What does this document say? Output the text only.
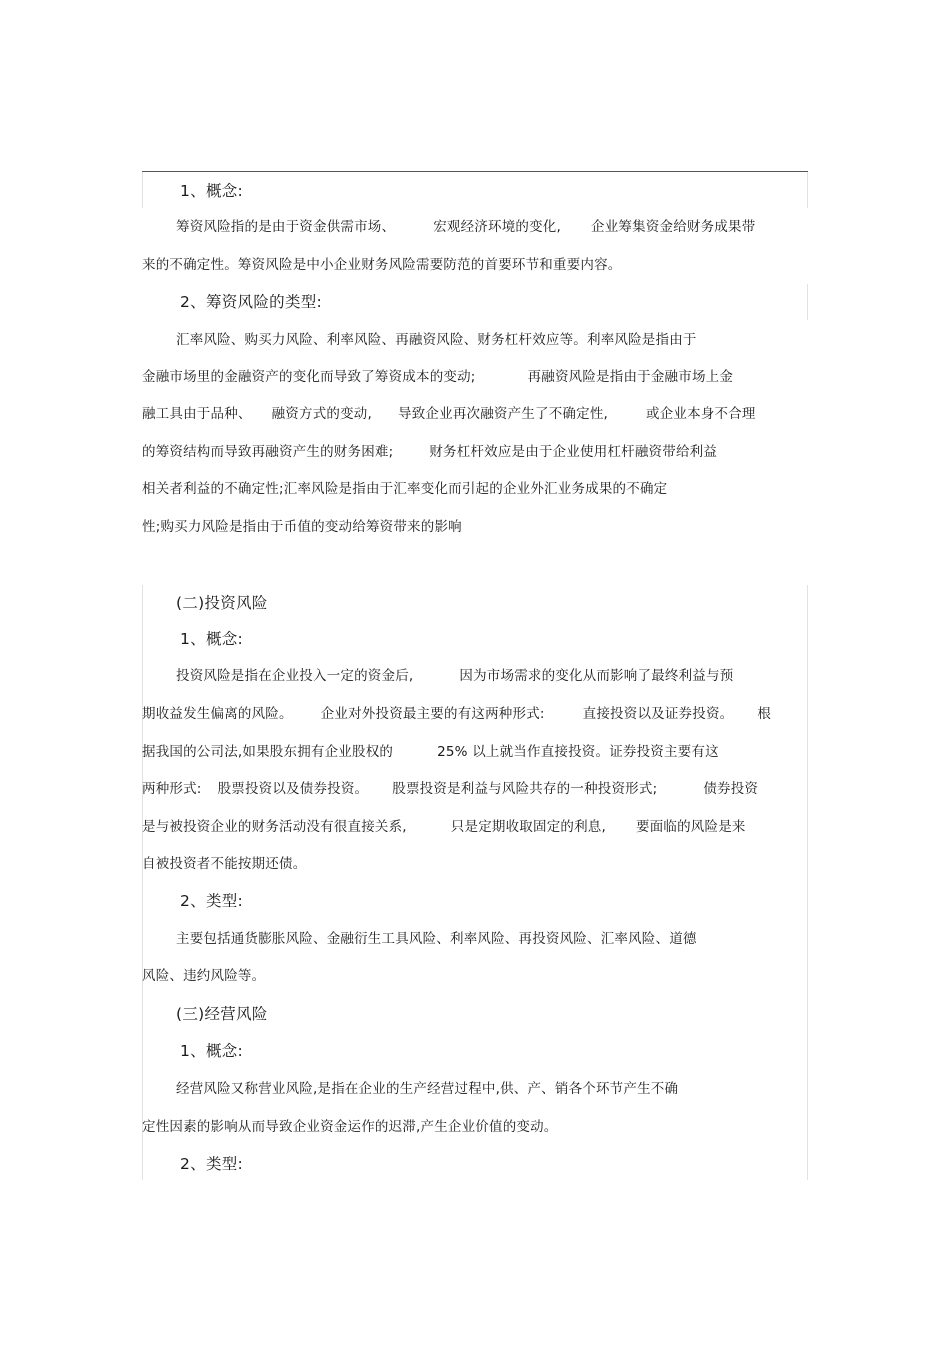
1、概念:
筹资风险指的是由于资金供需市场、	宏观经济环境的变化, 企业筹集资金给财务成果带
来的不确定性。筹资风险是中小企业财务风险需要防范的首要环节和重要内容。
2、筹资风险的类型:
汇率风险、购买力风险、利率风险、再融资风险、财务杠杆效应等。利率风险是指由于
金融市场里的金融资产的变化而导致了筹资成本的变动;	再融资风险是指由于金融市场上金
融工具由于品种、 融资方式的变动, 导致企业再次融资产生了不确定性,	或企业本身不合理
的筹资结构而导致再融资产生的财务困难;	财务杠杆效应是由于企业使用杠杆融资带给利益
相关者利益的不确定性;汇率风险是指由于汇率变化而引起的企业外汇业务成果的不确定
性;购买力风险是指由于币值的变动给筹资带来的影响
(二)投资风险
1、概念:
投资风险是指在企业投入一定的资金后,	因为市场需求的变化从而影响了最终利益与预
期收益发生偏离的风险。 企业对外投资最主要的有这两种形式:	直接投资以及证券投资。 根
据我国的公司法,如果股东拥有企业股权的	25% 以上就当作直接投资。证券投资主要有这
两种形式: 股票投资以及债券投资。 股票投资是利益与风险共存的一种投资形式;	债券投资
是与被投资企业的财务活动没有很直接关系,	只是定期收取固定的利息, 要面临的风险是来
自被投资者不能按期还债。
2、类型:
主要包括通货膨胀风险、金融衍生工具风险、利率风险、再投资风险、汇率风险、道德
风险、违约风险等。
(三)经营风险
1、概念:
经营风险又称营业风险,是指在企业的生产经营过程中,供、产、销各个环节产生不确
定性因素的影响从而导致企业资金运作的迟滞,产生企业价值的变动。
2、类型:
